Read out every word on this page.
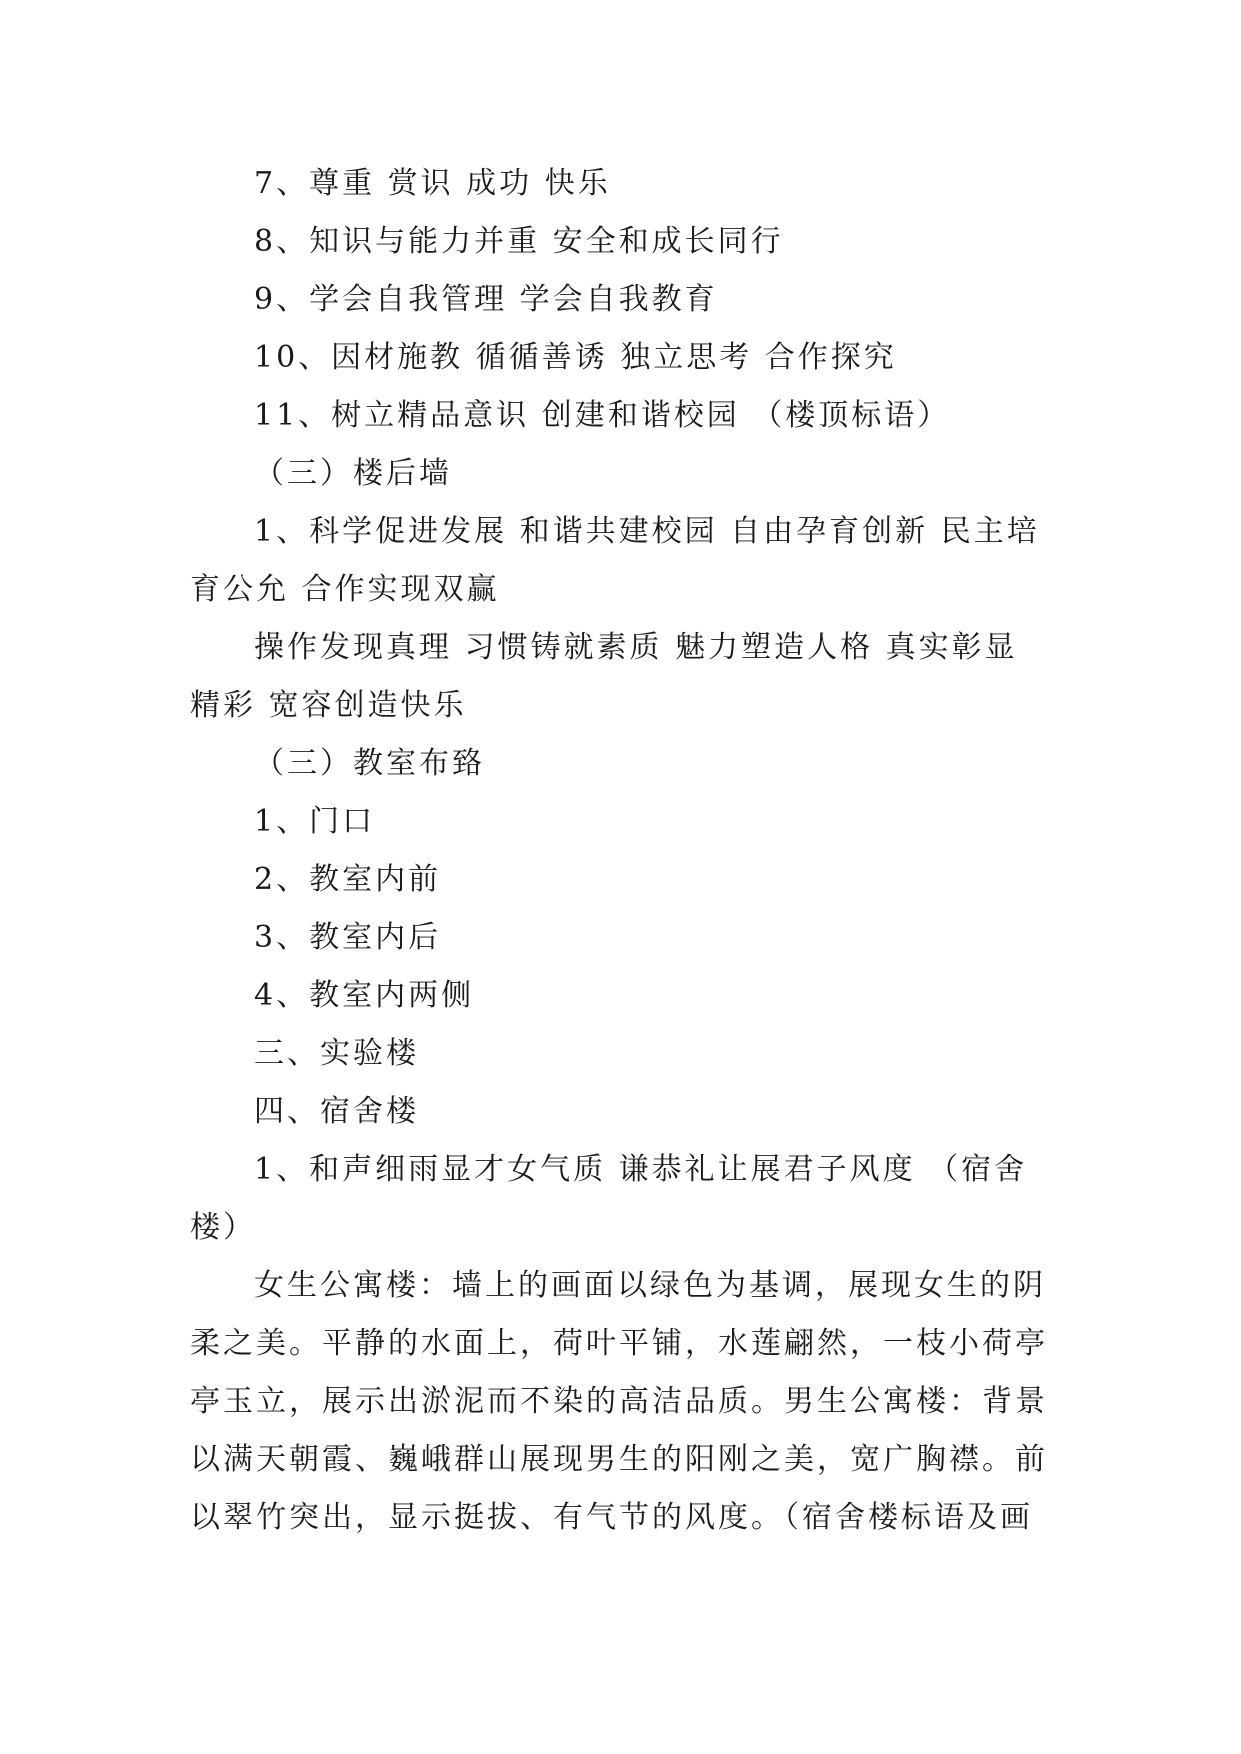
7、尊重 赏识 成功 快乐

8、知识与能力并重 安全和成长同行

9、学会自我管理 学会自我教育

10、因材施教 循循善诱 独立思考 合作探究

11、树立精品意识 创建和谐校园 （楼顶标语）

（三）楼后墙

1、科学促进发展 和谐共建校园 自由孕育创新 民主培育公允 合作实现双赢

操作发现真理 习惯铸就素质 魅力塑造人格 真实彰显精彩 宽容创造快乐

（三）教室布臵

1、门口

2、教室内前

3、教室内后

4、教室内两侧

三、实验楼

四、宿舍楼

1、和声细雨显才女气质 谦恭礼让展君子风度 （宿舍楼）

女生公寓楼：墙上的画面以绿色为基调，展现女生的阴柔之美。平静的水面上，荷叶平铺，水莲翩然，一枝小荷亭亭玉立，展示出淤泥而不染的高洁品质。男生公寓楼：背景以满天朝霞、巍峨群山展现男生的阳刚之美，宽广胸襟。前以翠竹突出，显示挺拔、有气节的风度。（宿舍楼标语及画
